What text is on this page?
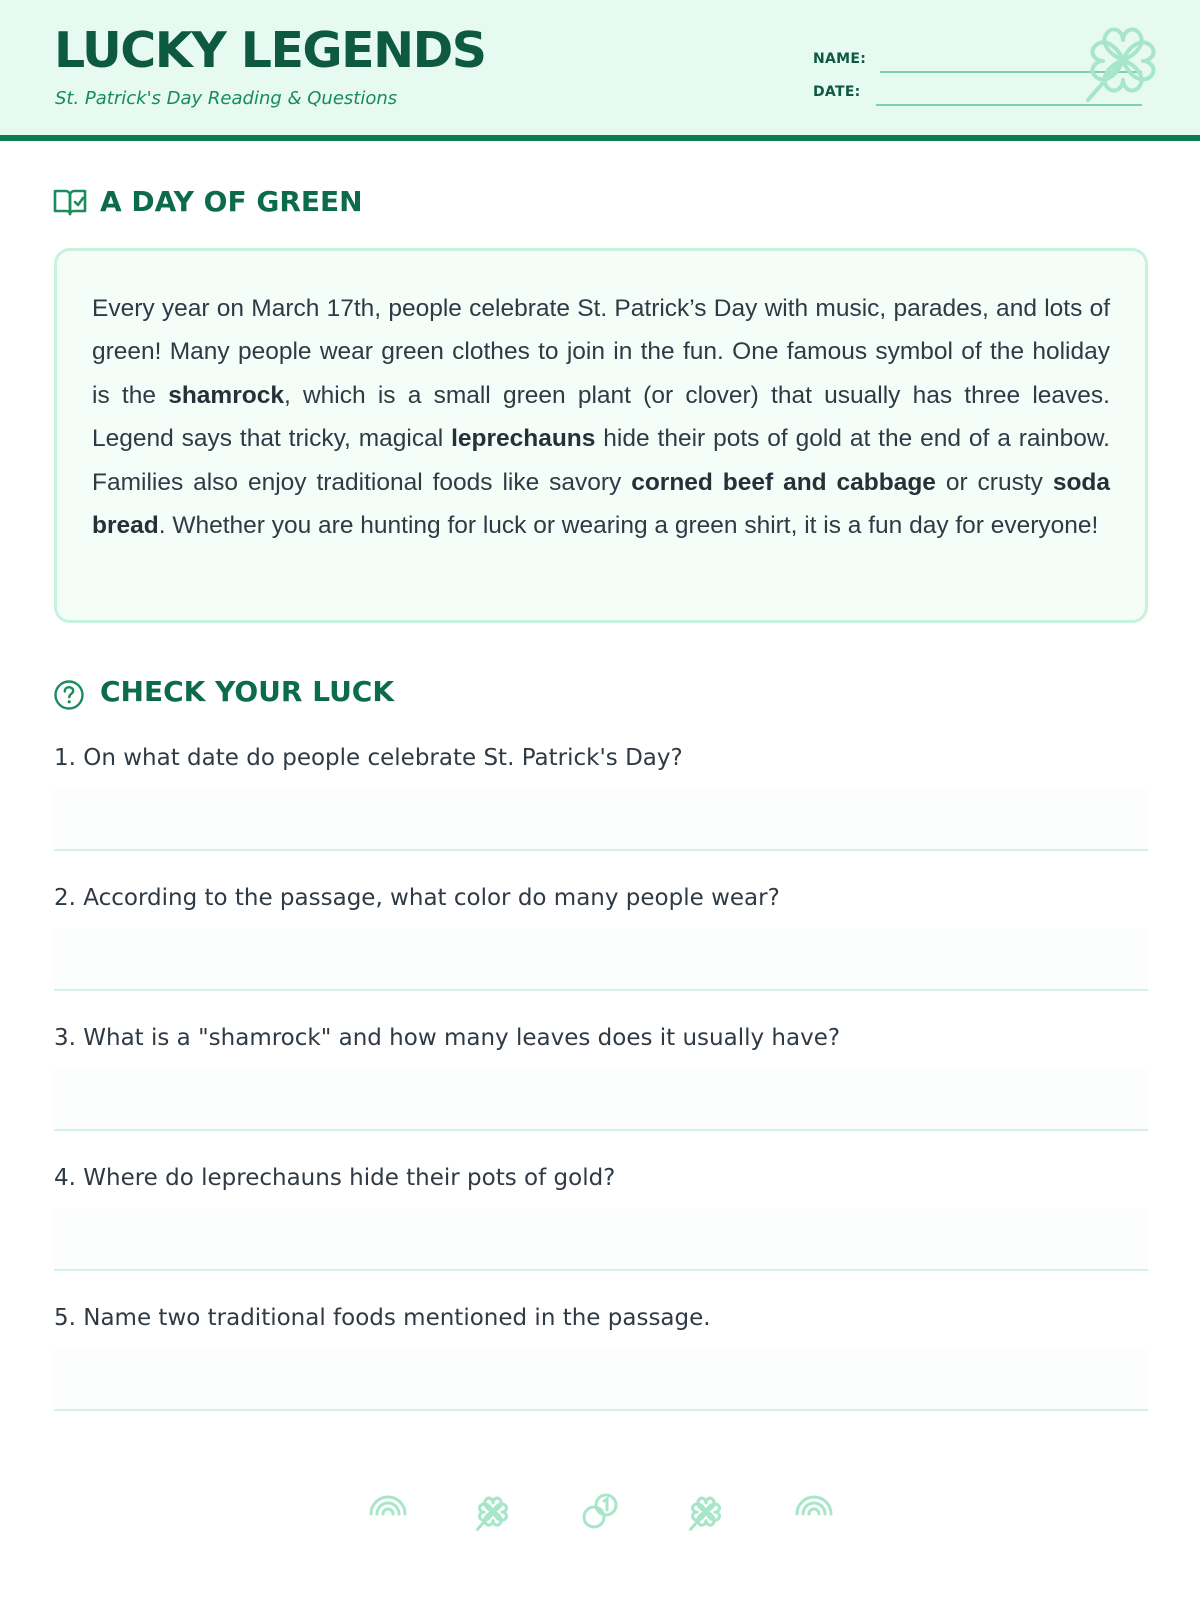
LUCKY LEGENDS
St. Patrick's Day Reading & Questions
NAME:
DATE:
A DAY OF GREEN

Every year on March 17th, people celebrate St. Patrick’s Day with music, parades, and lots of green! Many people wear green clothes to join in the fun. One famous symbol of the holiday is the shamrock, which is a small green plant (or clover) that usually has three leaves. Legend says that tricky, magical leprechauns hide their pots of gold at the end of a rainbow. Families also enjoy traditional foods like savory corned beef and cabbage or crusty soda bread. Whether you are hunting for luck or wearing a green shirt, it is a fun day for everyone!

CHECK YOUR LUCK
1. On what date do people celebrate St. Patrick's Day?
2. According to the passage, what color do many people wear?
3. What is a "shamrock" and how many leaves does it usually have?
4. Where do leprechauns hide their pots of gold?
5. Name two traditional foods mentioned in the passage.
